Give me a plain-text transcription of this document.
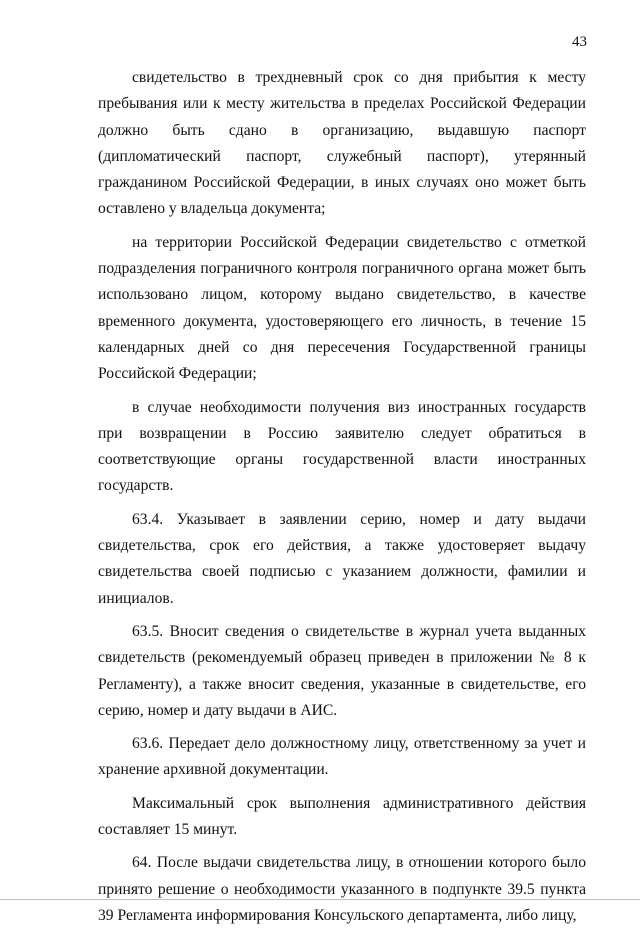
43

свидетельство в трехдневный срок со дня прибытия к месту пребывания или к месту жительства в пределах Российской Федерации должно быть сдано в организацию, выдавшую паспорт (дипломатический паспорт, служебный паспорт), утерянный гражданином Российской Федерации, в иных случаях оно может быть оставлено у владельца документа;

на территории Российской Федерации свидетельство с отметкой подразделения пограничного контроля пограничного органа может быть использовано лицом, которому выдано свидетельство, в качестве временного документа, удостоверяющего его личность, в течение 15 календарных дней со дня пересечения Государственной границы Российской Федерации;

в случае необходимости получения виз иностранных государств при возвращении в Россию заявителю следует обратиться в соответствующие органы государственной власти иностранных государств.

63.4. Указывает в заявлении серию, номер и дату выдачи свидетельства, срок его действия, а также удостоверяет выдачу свидетельства своей подписью с указанием должности, фамилии и инициалов.

63.5. Вносит сведения о свидетельстве в журнал учета выданных свидетельств (рекомендуемый образец приведен в приложении № 8 к Регламенту), а также вносит сведения, указанные в свидетельстве, его серию, номер и дату выдачи в АИС.

63.6. Передает дело должностному лицу, ответственному за учет и хранение архивной документации.

Максимальный срок выполнения административного действия составляет 15 минут.

64. После выдачи свидетельства лицу, в отношении которого было принято решение о необходимости указанного в подпункте 39.5 пункта 39 Регламента информирования Консульского департамента, либо лицу,
